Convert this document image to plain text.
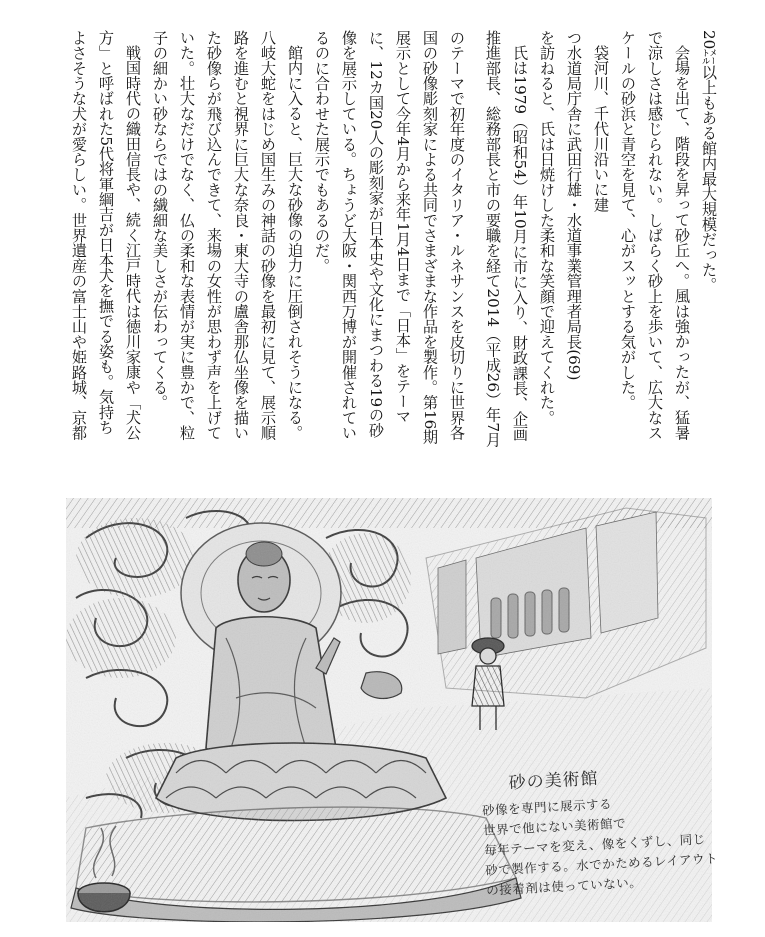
のテーマで初年度のイタリア・ルネサンスを皮切りに世界各国の砂像彫刻家による共同でさまざまな作品を製作。第16期展示として今年4月から来年1月4日まで「日本」をテーマに、12カ国20人の彫刻家が日本史や文化にまつわる19の砂像を展示している。ちょうど大阪・関西万博が開催されているのに合わせた展示でもあるのだ。

館内に入ると、巨大な砂像の迫力に圧倒されそうになる。八岐大蛇をはじめ国生みの神話の砂像を最初に見て、展示順路を進むと視界に巨大な奈良・東大寺の盧舎那仏坐像を描いた砂像らが飛び込んできて、来場の女性が思わず声を上げていた。壮大なだけでなく、仏の柔和な表情が実に豊かで、粒子の細かい砂ならではの繊細な美しさが伝わってくる。

戦国時代の織田信長や、続く江戸時代は徳川家康や「犬公方」と呼ばれた5代将軍綱吉が日本犬を撫でる姿も。気持ちよさそうな犬が愛らしい。世界遺産の富士山や姫路城、京都

20㍍以上もある館内最大規模だった。

会場を出て、階段を昇って砂丘へ。風は強かったが、猛暑で涼しさは感じられない。しばらく砂上を歩いて、広大なスケールの砂浜と青空を見て、心がスッとする気がした。

袋河川、千代川沿いに建

つ水道局庁舎に武田行雄・水道事業管理者局長(69)

を訪ねると、氏は日焼けした柔和な笑顔で迎えてくれた。

氏は1979（昭和54）年10月に市に入り、財政課長、企画推進部長、総務部長と市の要職を経て2014（平成26）年7月

砂の美術館
砂像を専門に展示する
世界で他にない美術館で
毎年テーマを変え、像をくずし、同じ
砂で製作する。水でかためるレイアウト
の接着剤は使っていない。
